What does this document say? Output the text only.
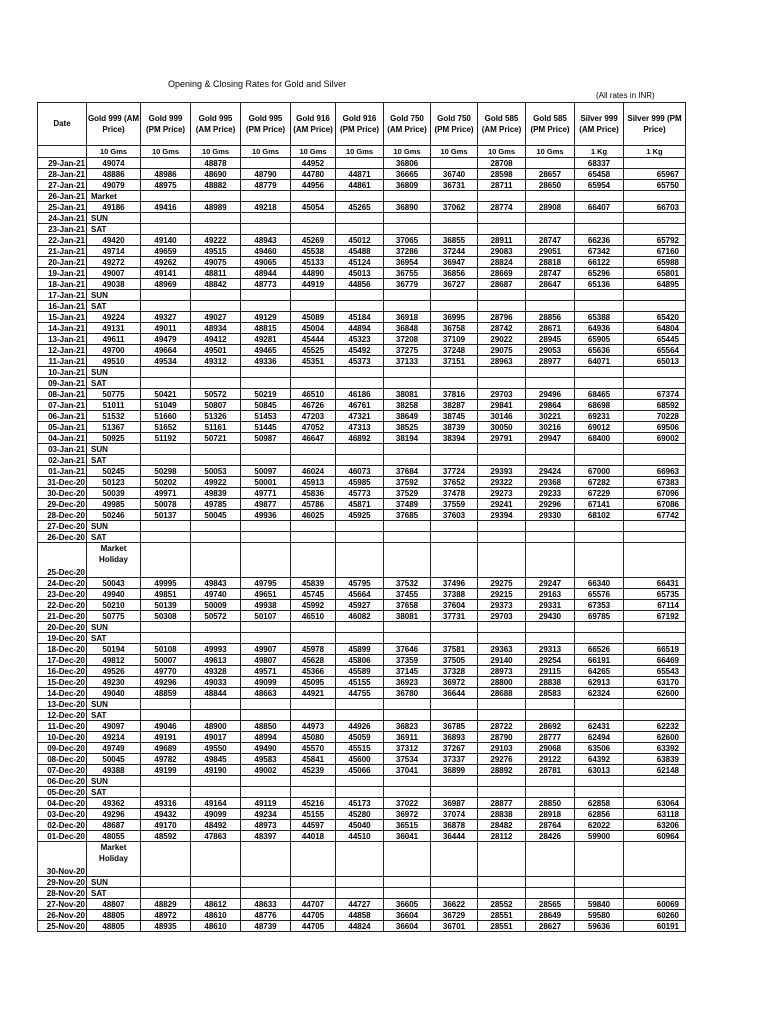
Opening & Closing Rates for Gold and Silver
(All rates in INR)
Date	Gold 999 (AM Price)	Gold 999 (PM Price)	Gold 995 (AM Price)	Gold 995 (PM Price)	Gold 916 (AM Price)	Gold 916 (PM Price)	Gold 750 (AM Price)	Gold 750 (PM Price)	Gold 585 (AM Price)	Gold 585 (PM Price)	Silver 999 (AM Price)	Silver 999 (PM Price)
	10 Gms	10 Gms	10 Gms	10 Gms	10 Gms	10 Gms	10 Gms	10 Gms	10 Gms	10 Gms	1 Kg	1 Kg
29-Jan-21	49074		48878		44952		36806		28708		68337	
28-Jan-21	48886	48986	48690	48790	44780	44871	36665	36740	28598	28657	65458	65967
27-Jan-21	49079	48975	48882	48779	44956	44861	36809	36731	28711	28650	65954	65750
26-Jan-21	Market											
25-Jan-21	49186	49416	48989	49218	45054	45265	36890	37062	28774	28908	66407	66703
24-Jan-21	SUN											
23-Jan-21	SAT											
22-Jan-21	49420	49140	49222	48943	45269	45012	37065	36855	28911	28747	66236	65792
21-Jan-21	49714	49659	49515	49460	45538	45488	37286	37244	29083	29051	67342	67160
20-Jan-21	49272	49262	49075	49065	45133	45124	36954	36947	28824	28818	66122	65988
19-Jan-21	49007	49141	48811	48944	44890	45013	36755	36856	28669	28747	65296	65801
18-Jan-21	49038	48969	48842	48773	44919	44856	36779	36727	28687	28647	65136	64895
17-Jan-21	SUN											
16-Jan-21	SAT											
15-Jan-21	49224	49327	49027	49129	45089	45184	36918	36995	28796	28856	65388	65420
14-Jan-21	49131	49011	48934	48815	45004	44894	36848	36758	28742	28671	64936	64804
13-Jan-21	49611	49479	49412	49281	45444	45323	37208	37109	29022	28945	65905	65445
12-Jan-21	49700	49664	49501	49465	45525	45492	37275	37248	29075	29053	65636	65564
11-Jan-21	49510	49534	49312	49336	45351	45373	37133	37151	28963	28977	64071	65013
10-Jan-21	SUN											
09-Jan-21	SAT											
08-Jan-21	50775	50421	50572	50219	46510	46186	38081	37816	29703	29496	68465	67374
07-Jan-21	51011	51049	50807	50845	46726	46761	38258	38287	29841	29864	68698	68592
06-Jan-21	51532	51660	51326	51453	47203	47321	38649	38745	30146	30221	69231	70228
05-Jan-21	51367	51652	51161	51445	47052	47313	38525	38739	30050	30216	69012	69506
04-Jan-21	50925	51192	50721	50987	46647	46892	38194	38394	29791	29947	68400	69002
03-Jan-21	SUN											
02-Jan-21	SAT											
01-Jan-21	50245	50298	50053	50097	46024	46073	37684	37724	29393	29424	67000	66963
31-Dec-20	50123	50202	49922	50001	45913	45985	37592	37652	29322	29368	67282	67383
30-Dec-20	50039	49971	49839	49771	45836	45773	37529	37478	29273	29233	67229	67096
29-Dec-20	49985	50078	49785	49877	45786	45871	37489	37559	29241	29296	67141	67086
28-Dec-20	50246	50137	50045	49936	46025	45925	37685	37603	29394	29330	68102	67742
27-Dec-20	SUN											
26-Dec-20	SAT											
25-Dec-20	Market Holiday											
24-Dec-20	50043	49995	49843	49795	45839	45795	37532	37496	29275	29247	66340	66431
23-Dec-20	49940	49851	49740	49651	45745	45664	37455	37388	29215	29163	65576	65735
22-Dec-20	50210	50139	50009	49938	45992	45927	37658	37604	29373	29331	67353	67114
21-Dec-20	50775	50308	50572	50107	46510	46082	38081	37731	29703	29430	69785	67192
20-Dec-20	SUN											
19-Dec-20	SAT											
18-Dec-20	50194	50108	49993	49907	45978	45899	37646	37581	29363	29313	66526	66519
17-Dec-20	49812	50007	49613	49807	45628	45806	37359	37505	29140	29254	66191	66469
16-Dec-20	49526	49770	49328	49571	45366	45589	37145	37328	28973	29115	64265	65543
15-Dec-20	49230	49296	49033	49099	45095	45155	36923	36972	28800	28838	62913	63170
14-Dec-20	49040	48859	48844	48663	44921	44755	36780	36644	28688	28583	62324	62600
13-Dec-20	SUN											
12-Dec-20	SAT											
11-Dec-20	49097	49046	48900	48850	44973	44926	36823	36785	28722	28692	62431	62232
10-Dec-20	49214	49191	49017	48994	45080	45059	36911	36893	28790	28777	62494	62600
09-Dec-20	49749	49689	49550	49490	45570	45515	37312	37267	29103	29068	63506	63392
08-Dec-20	50045	49782	49845	49583	45841	45600	37534	37337	29276	29122	64392	63839
07-Dec-20	49388	49199	49190	49002	45239	45066	37041	36899	28892	28781	63013	62148
06-Dec-20	SUN											
05-Dec-20	SAT											
04-Dec-20	49362	49316	49164	49119	45216	45173	37022	36987	28877	28850	62858	63064
03-Dec-20	49296	49432	49099	49234	45155	45280	36972	37074	28838	28918	62856	63118
02-Dec-20	48687	49170	48492	48973	44597	45040	36515	36878	28482	28764	62022	63206
01-Dec-20	48055	48592	47863	48397	44018	44510	36041	36444	28112	28426	59900	60964
30-Nov-20	Market Holiday											
29-Nov-20	SUN											
28-Nov-20	SAT											
27-Nov-20	48807	48829	48612	48633	44707	44727	36605	36622	28552	28565	59840	60069
26-Nov-20	48805	48972	48610	48776	44705	44858	36604	36729	28551	28649	59580	60260
25-Nov-20	48805	48935	48610	48739	44705	44824	36604	36701	28551	28627	59636	60191
